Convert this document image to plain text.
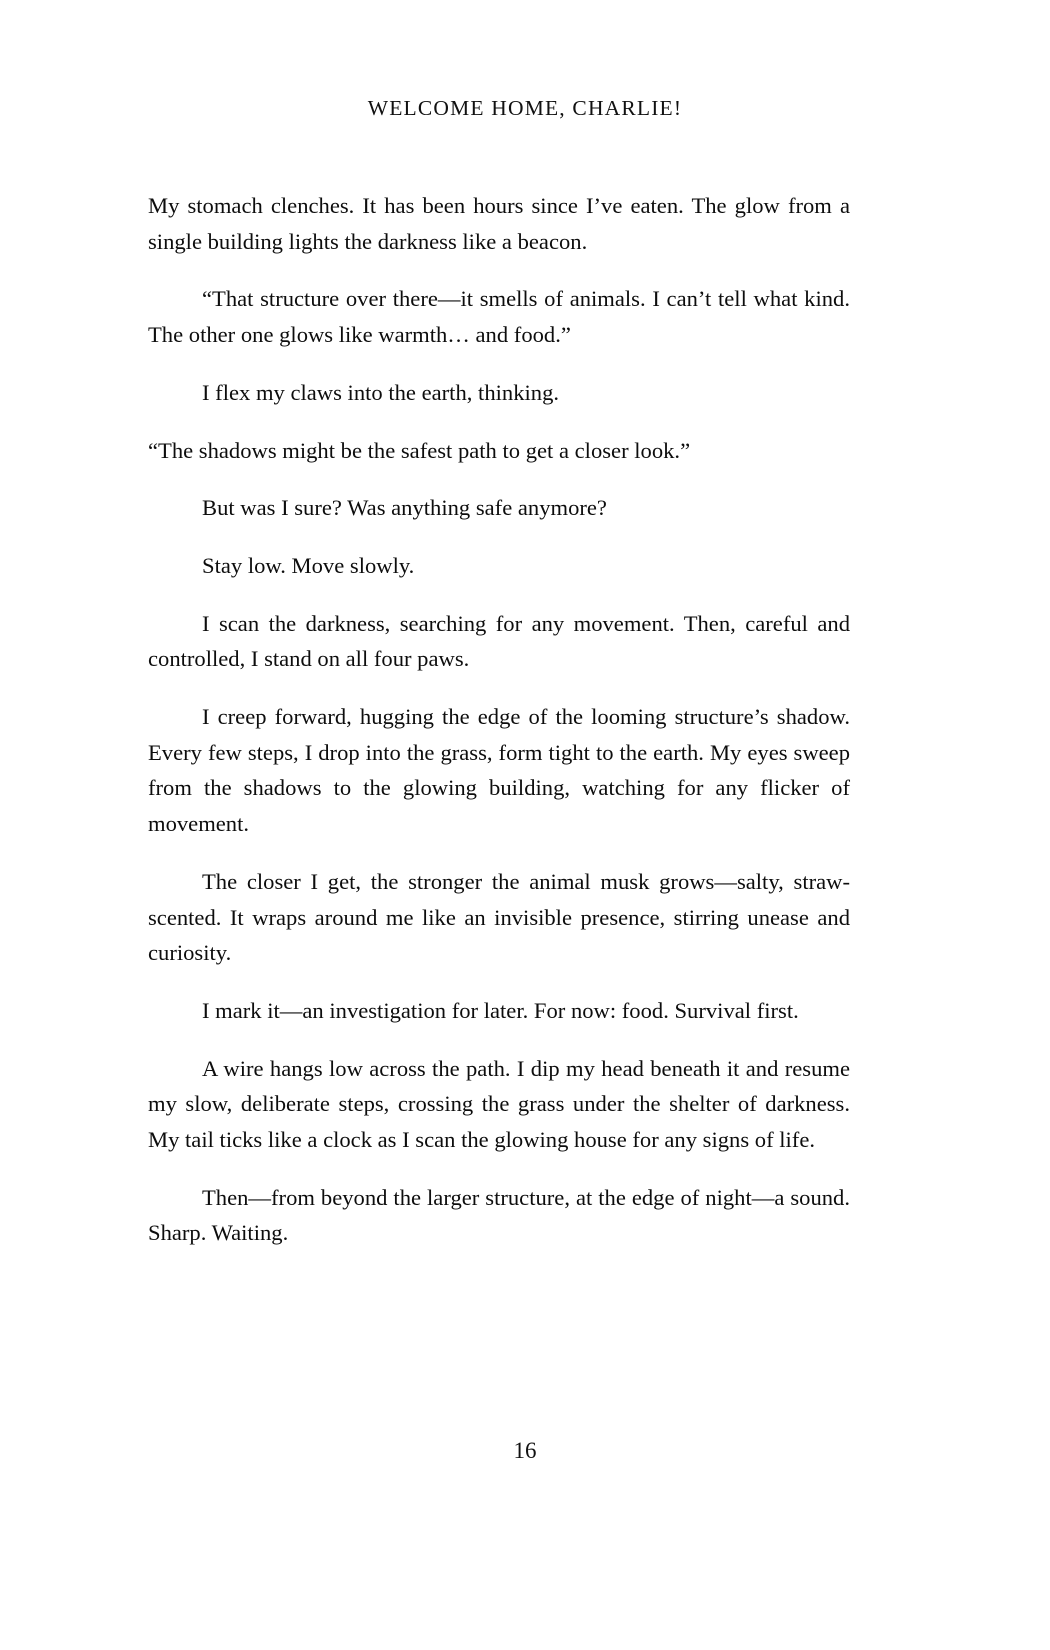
WELCOME HOME, CHARLIE!

My stomach clenches. It has been hours since I’ve eaten. The glow from a single building lights the darkness like a beacon.

“That structure over there—it smells of animals. I can’t tell what kind. The other one glows like warmth… and food.”

I flex my claws into the earth, thinking.

“The shadows might be the safest path to get a closer look.”

But was I sure? Was anything safe anymore?

Stay low. Move slowly.

I scan the darkness, searching for any movement. Then, careful and controlled, I stand on all four paws.

I creep forward, hugging the edge of the looming structure’s shadow. Every few steps, I drop into the grass, form tight to the earth. My eyes sweep from the shadows to the glowing building, watching for any flicker of movement.

The closer I get, the stronger the animal musk grows—salty, straw-scented. It wraps around me like an invisible presence, stirring unease and curiosity.

I mark it—an investigation for later. For now: food. Survival first.

A wire hangs low across the path. I dip my head beneath it and resume my slow, deliberate steps, crossing the grass under the shelter of darkness. My tail ticks like a clock as I scan the glowing house for any signs of life.

Then—from beyond the larger structure, at the edge of night—a sound. Sharp. Waiting.

16
